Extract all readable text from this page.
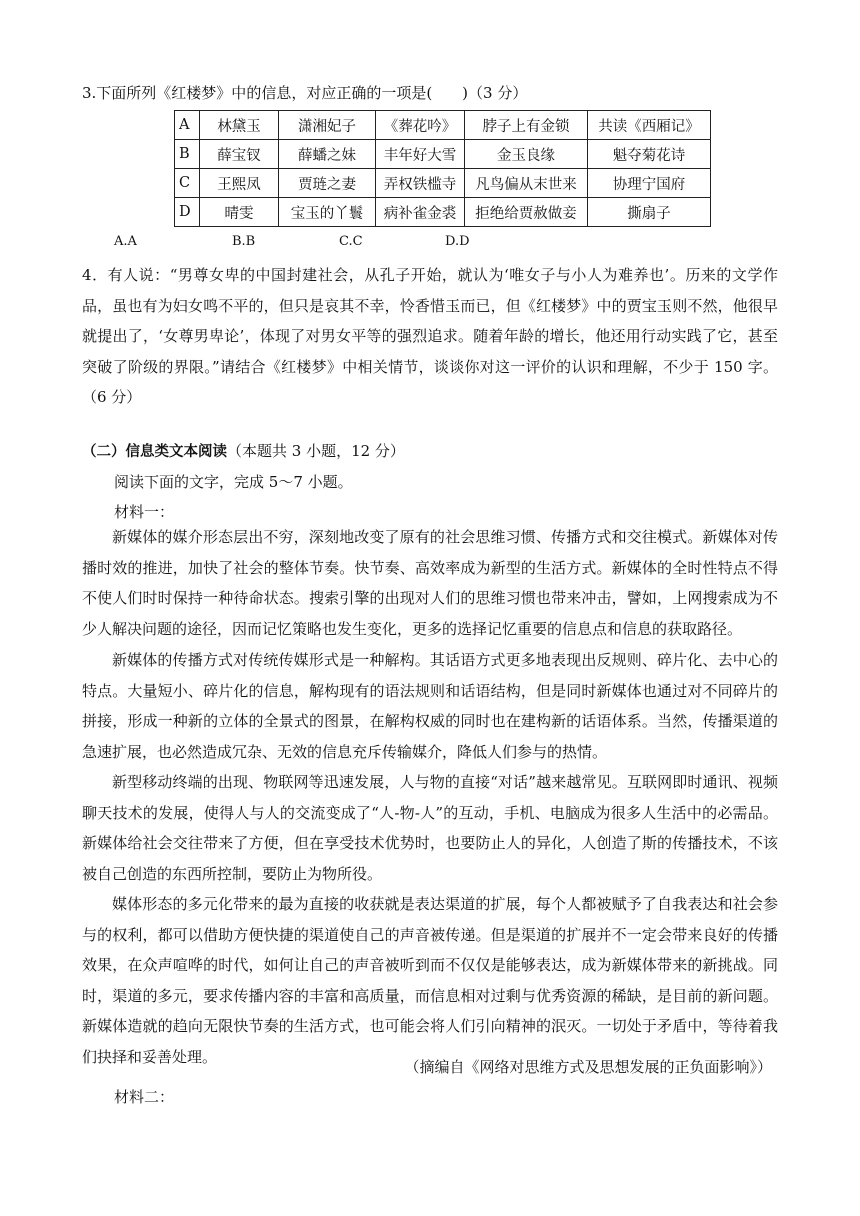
3.下面所列《红楼梦》中的信息，对应正确的一项是(　　)（3 分）
A	林黛玉	潇湘妃子	《葬花吟》	脖子上有金锁	共读《西厢记》
B	薛宝钗	薛蟠之妹	丰年好大雪	金玉良缘	魁夺菊花诗
C	王熙凤	贾琏之妻	弄权铁槛寺	凡鸟偏从末世来	协理宁国府
D	晴雯	宝玉的丫鬟	病补雀金裘	拒绝给贾赦做妾	撕扇子
A.A	B.B	C.C	D.D
4．有人说：“男尊女卑的中国封建社会，从孔子开始，就认为‘唯女子与小人为难养也’。历来的文学作品，虽也有为妇女鸣不平的，但只是哀其不幸，怜香惜玉而已，但《红楼梦》中的贾宝玉则不然，他很早就提出了，‘女尊男卑论’，体现了对男女平等的强烈追求。随着年龄的增长，他还用行动实践了它，甚至突破了阶级的界限。”请结合《红楼梦》中相关情节，谈谈你对这一评价的认识和理解，不少于 150 字。（6 分）
（二）信息类文本阅读（本题共 3 小题，12 分）
阅读下面的文字，完成 5～7 小题。
材料一：
新媒体的媒介形态层出不穷，深刻地改变了原有的社会思维习惯、传播方式和交往模式。新媒体对传播时效的推进，加快了社会的整体节奏。快节奏、高效率成为新型的生活方式。新媒体的全时性特点不得不使人们时时保持一种待命状态。搜索引擎的出现对人们的思维习惯也带来冲击，譬如，上网搜索成为不少人解决问题的途径，因而记忆策略也发生变化，更多的选择记忆重要的信息点和信息的获取路径。
新媒体的传播方式对传统传媒形式是一种解构。其话语方式更多地表现出反规则、碎片化、去中心的特点。大量短小、碎片化的信息，解构现有的语法规则和话语结构，但是同时新媒体也通过对不同碎片的拼接，形成一种新的立体的全景式的图景，在解构权威的同时也在建构新的话语体系。当然，传播渠道的急速扩展，也必然造成冗杂、无效的信息充斥传输媒介，降低人们参与的热情。
新型移动终端的出现、物联网等迅速发展，人与物的直接“对话”越来越常见。互联网即时通讯、视频聊天技术的发展，使得人与人的交流变成了“人-物-人”的互动，手机、电脑成为很多人生活中的必需品。新媒体给社会交往带来了方便，但在享受技术优势时，也要防止人的异化，人创造了斯的传播技术，不该被自己创造的东西所控制，要防止为物所役。
媒体形态的多元化带来的最为直接的收获就是表达渠道的扩展，每个人都被赋予了自我表达和社会参与的权利，都可以借助方便快捷的渠道使自己的声音被传递。但是渠道的扩展并不一定会带来良好的传播效果，在众声喧哗的时代，如何让自己的声音被听到而不仅仅是能够表达，成为新媒体带来的新挑战。同时，渠道的多元，要求传播内容的丰富和高质量，而信息相对过剩与优秀资源的稀缺，是目前的新问题。新媒体造就的趋向无限快节奏的生活方式，也可能会将人们引向精神的泯灭。一切处于矛盾中，等待着我们抉择和妥善处理。
（摘编自《网络对思维方式及思想发展的正负面影响》）
材料二：
